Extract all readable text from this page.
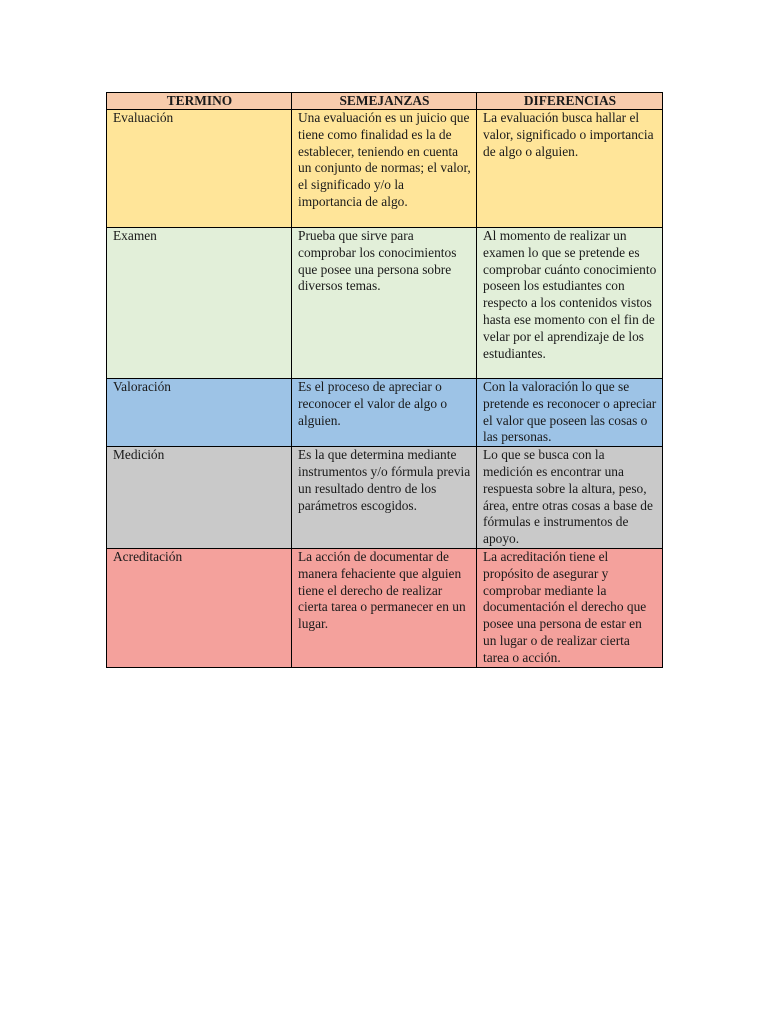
TERMINO	SEMEJANZAS	DIFERENCIAS
Evaluación	Una evaluación es un juicio que tiene como finalidad es la de establecer, teniendo en cuenta un conjunto de normas; el valor, el significado y/o la importancia de algo.	La evaluación busca hallar el valor, significado o importancia de algo o alguien.
Examen	Prueba que sirve para comprobar los conocimientos que posee una persona sobre diversos temas.	Al momento de realizar un examen lo que se pretende es comprobar cuánto conocimiento poseen los estudiantes con respecto a los contenidos vistos hasta ese momento con el fin de velar por el aprendizaje de los estudiantes.
Valoración	Es el proceso de apreciar o reconocer el valor de algo o alguien.	Con la valoración lo que se pretende es reconocer o apreciar el valor que poseen las cosas o las personas.
Medición	Es la que determina mediante instrumentos y/o fórmula previa un resultado dentro de los parámetros escogidos.	Lo que se busca con la medición es encontrar una respuesta sobre la altura, peso, área, entre otras cosas a base de fórmulas e instrumentos de apoyo.
Acreditación	La acción de documentar de manera fehaciente que alguien tiene el derecho de realizar cierta tarea o permanecer en un lugar.	La acreditación tiene el propósito de asegurar y comprobar mediante la documentación el derecho que posee una persona de estar en un lugar o de realizar cierta tarea o acción.
